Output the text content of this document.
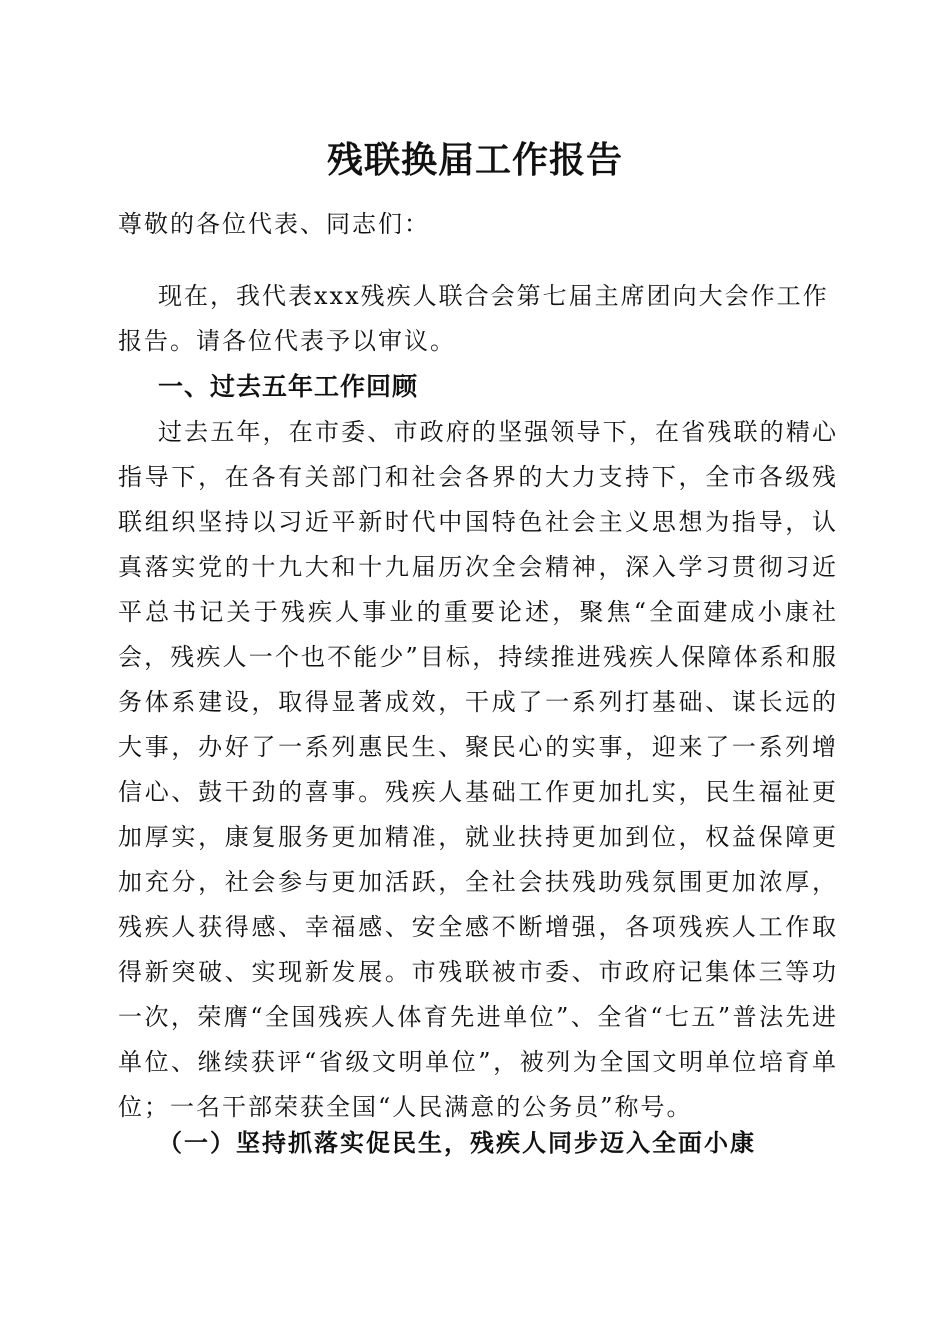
残联换届工作报告
尊敬的各位代表、同志们：
现在，我代表xxx残疾人联合会第七届主席团向大会作工作报告。请各位代表予以审议。
一、过去五年工作回顾
过去五年，在市委、市政府的坚强领导下，在省残联的精心指导下，在各有关部门和社会各界的大力支持下，全市各级残联组织坚持以习近平新时代中国特色社会主义思想为指导，认真落实党的十九大和十九届历次全会精神，深入学习贯彻习近平总书记关于残疾人事业的重要论述，聚焦“全面建成小康社会，残疾人一个也不能少”目标，持续推进残疾人保障体系和服务体系建设，取得显著成效，干成了一系列打基础、谋长远的大事，办好了一系列惠民生、聚民心的实事，迎来了一系列增信心、鼓干劲的喜事。残疾人基础工作更加扎实，民生福祉更加厚实，康复服务更加精准，就业扶持更加到位，权益保障更加充分，社会参与更加活跃，全社会扶残助残氛围更加浓厚，残疾人获得感、幸福感、安全感不断增强，各项残疾人工作取得新突破、实现新发展。市残联被市委、市政府记集体三等功一次，荣膺“全国残疾人体育先进单位”、全省“七五”普法先进单位、继续获评“省级文明单位”，被列为全国文明单位培育单位；一名干部荣获全国“人民满意的公务员”称号。
（一）坚持抓落实促民生，残疾人同步迈入全面小康
